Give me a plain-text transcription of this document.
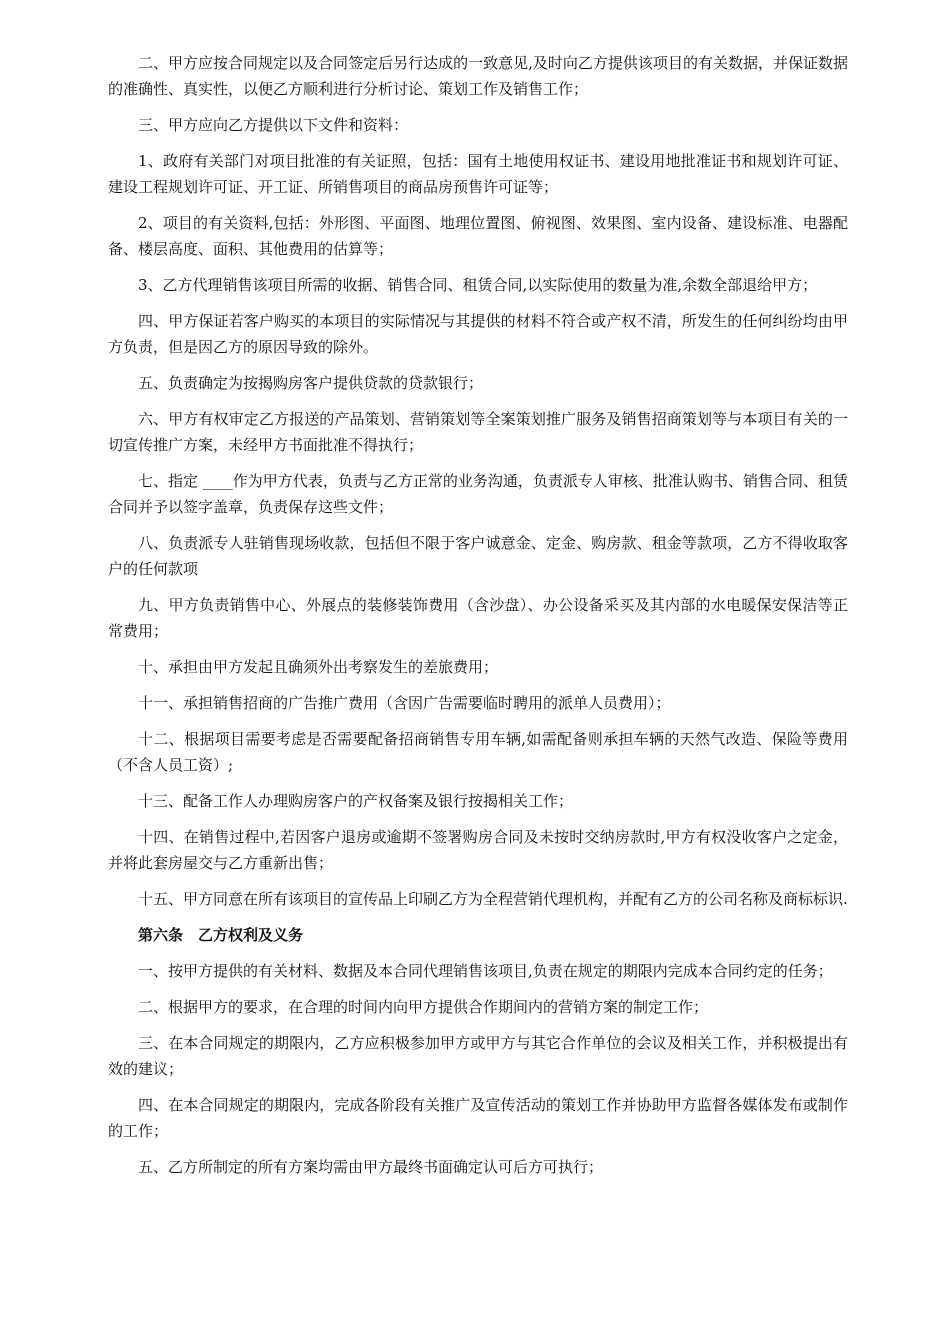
二、甲方应按合同规定以及合同签定后另行达成的一致意见,及时向乙方提供该项目的有关数据，并保证数据的准确性、真实性，以便乙方顺利进行分析讨论、策划工作及销售工作；

三、甲方应向乙方提供以下文件和资料：

1、政府有关部门对项目批准的有关证照，包括：国有土地使用权证书、建设用地批准证书和规划许可证、建设工程规划许可证、开工证、所销售项目的商品房预售许可证等；

2、项目的有关资料,包括：外形图、平面图、地理位置图、俯视图、效果图、室内设备、建设标准、电器配备、楼层高度、面积、其他费用的估算等；

3、乙方代理销售该项目所需的收据、销售合同、租赁合同,以实际使用的数量为准,余数全部退给甲方；

四、甲方保证若客户购买的本项目的实际情况与其提供的材料不符合或产权不清，所发生的任何纠纷均由甲方负责，但是因乙方的原因导致的除外。

五、负责确定为按揭购房客户提供贷款的贷款银行；

六、甲方有权审定乙方报送的产品策划、营销策划等全案策划推广服务及销售招商策划等与本项目有关的一切宣传推广方案，未经甲方书面批准不得执行；

七、指定 ____作为甲方代表，负责与乙方正常的业务沟通，负责派专人审核、批准认购书、销售合同、租赁合同并予以签字盖章，负责保存这些文件；

八、负责派专人驻销售现场收款，包括但不限于客户诚意金、定金、购房款、租金等款项，乙方不得收取客户的任何款项

九、甲方负责销售中心、外展点的装修装饰费用（含沙盘）、办公设备采买及其内部的水电暖保安保洁等正常费用；

十、承担由甲方发起且确须外出考察发生的差旅费用；

十一、承担销售招商的广告推广费用（含因广告需要临时聘用的派单人员费用）；

十二、根据项目需要考虑是否需要配备招商销售专用车辆,如需配备则承担车辆的天然气改造、保险等费用（不含人员工资）;

十三、配备工作人办理购房客户的产权备案及银行按揭相关工作；

十四、在销售过程中,若因客户退房或逾期不签署购房合同及未按时交纳房款时,甲方有权没收客户之定金，并将此套房屋交与乙方重新出售；

十五、甲方同意在所有该项目的宣传品上印刷乙方为全程营销代理机构，并配有乙方的公司名称及商标标识.

第六条　乙方权利及义务

一、按甲方提供的有关材料、数据及本合同代理销售该项目,负责在规定的期限内完成本合同约定的任务；

二、根据甲方的要求，在合理的时间内向甲方提供合作期间内的营销方案的制定工作；

三、在本合同规定的期限内，乙方应积极参加甲方或甲方与其它合作单位的会议及相关工作，并积极提出有效的建议；

四、在本合同规定的期限内，完成各阶段有关推广及宣传活动的策划工作并协助甲方监督各媒体发布或制作的工作；

五、乙方所制定的所有方案均需由甲方最终书面确定认可后方可执行；
